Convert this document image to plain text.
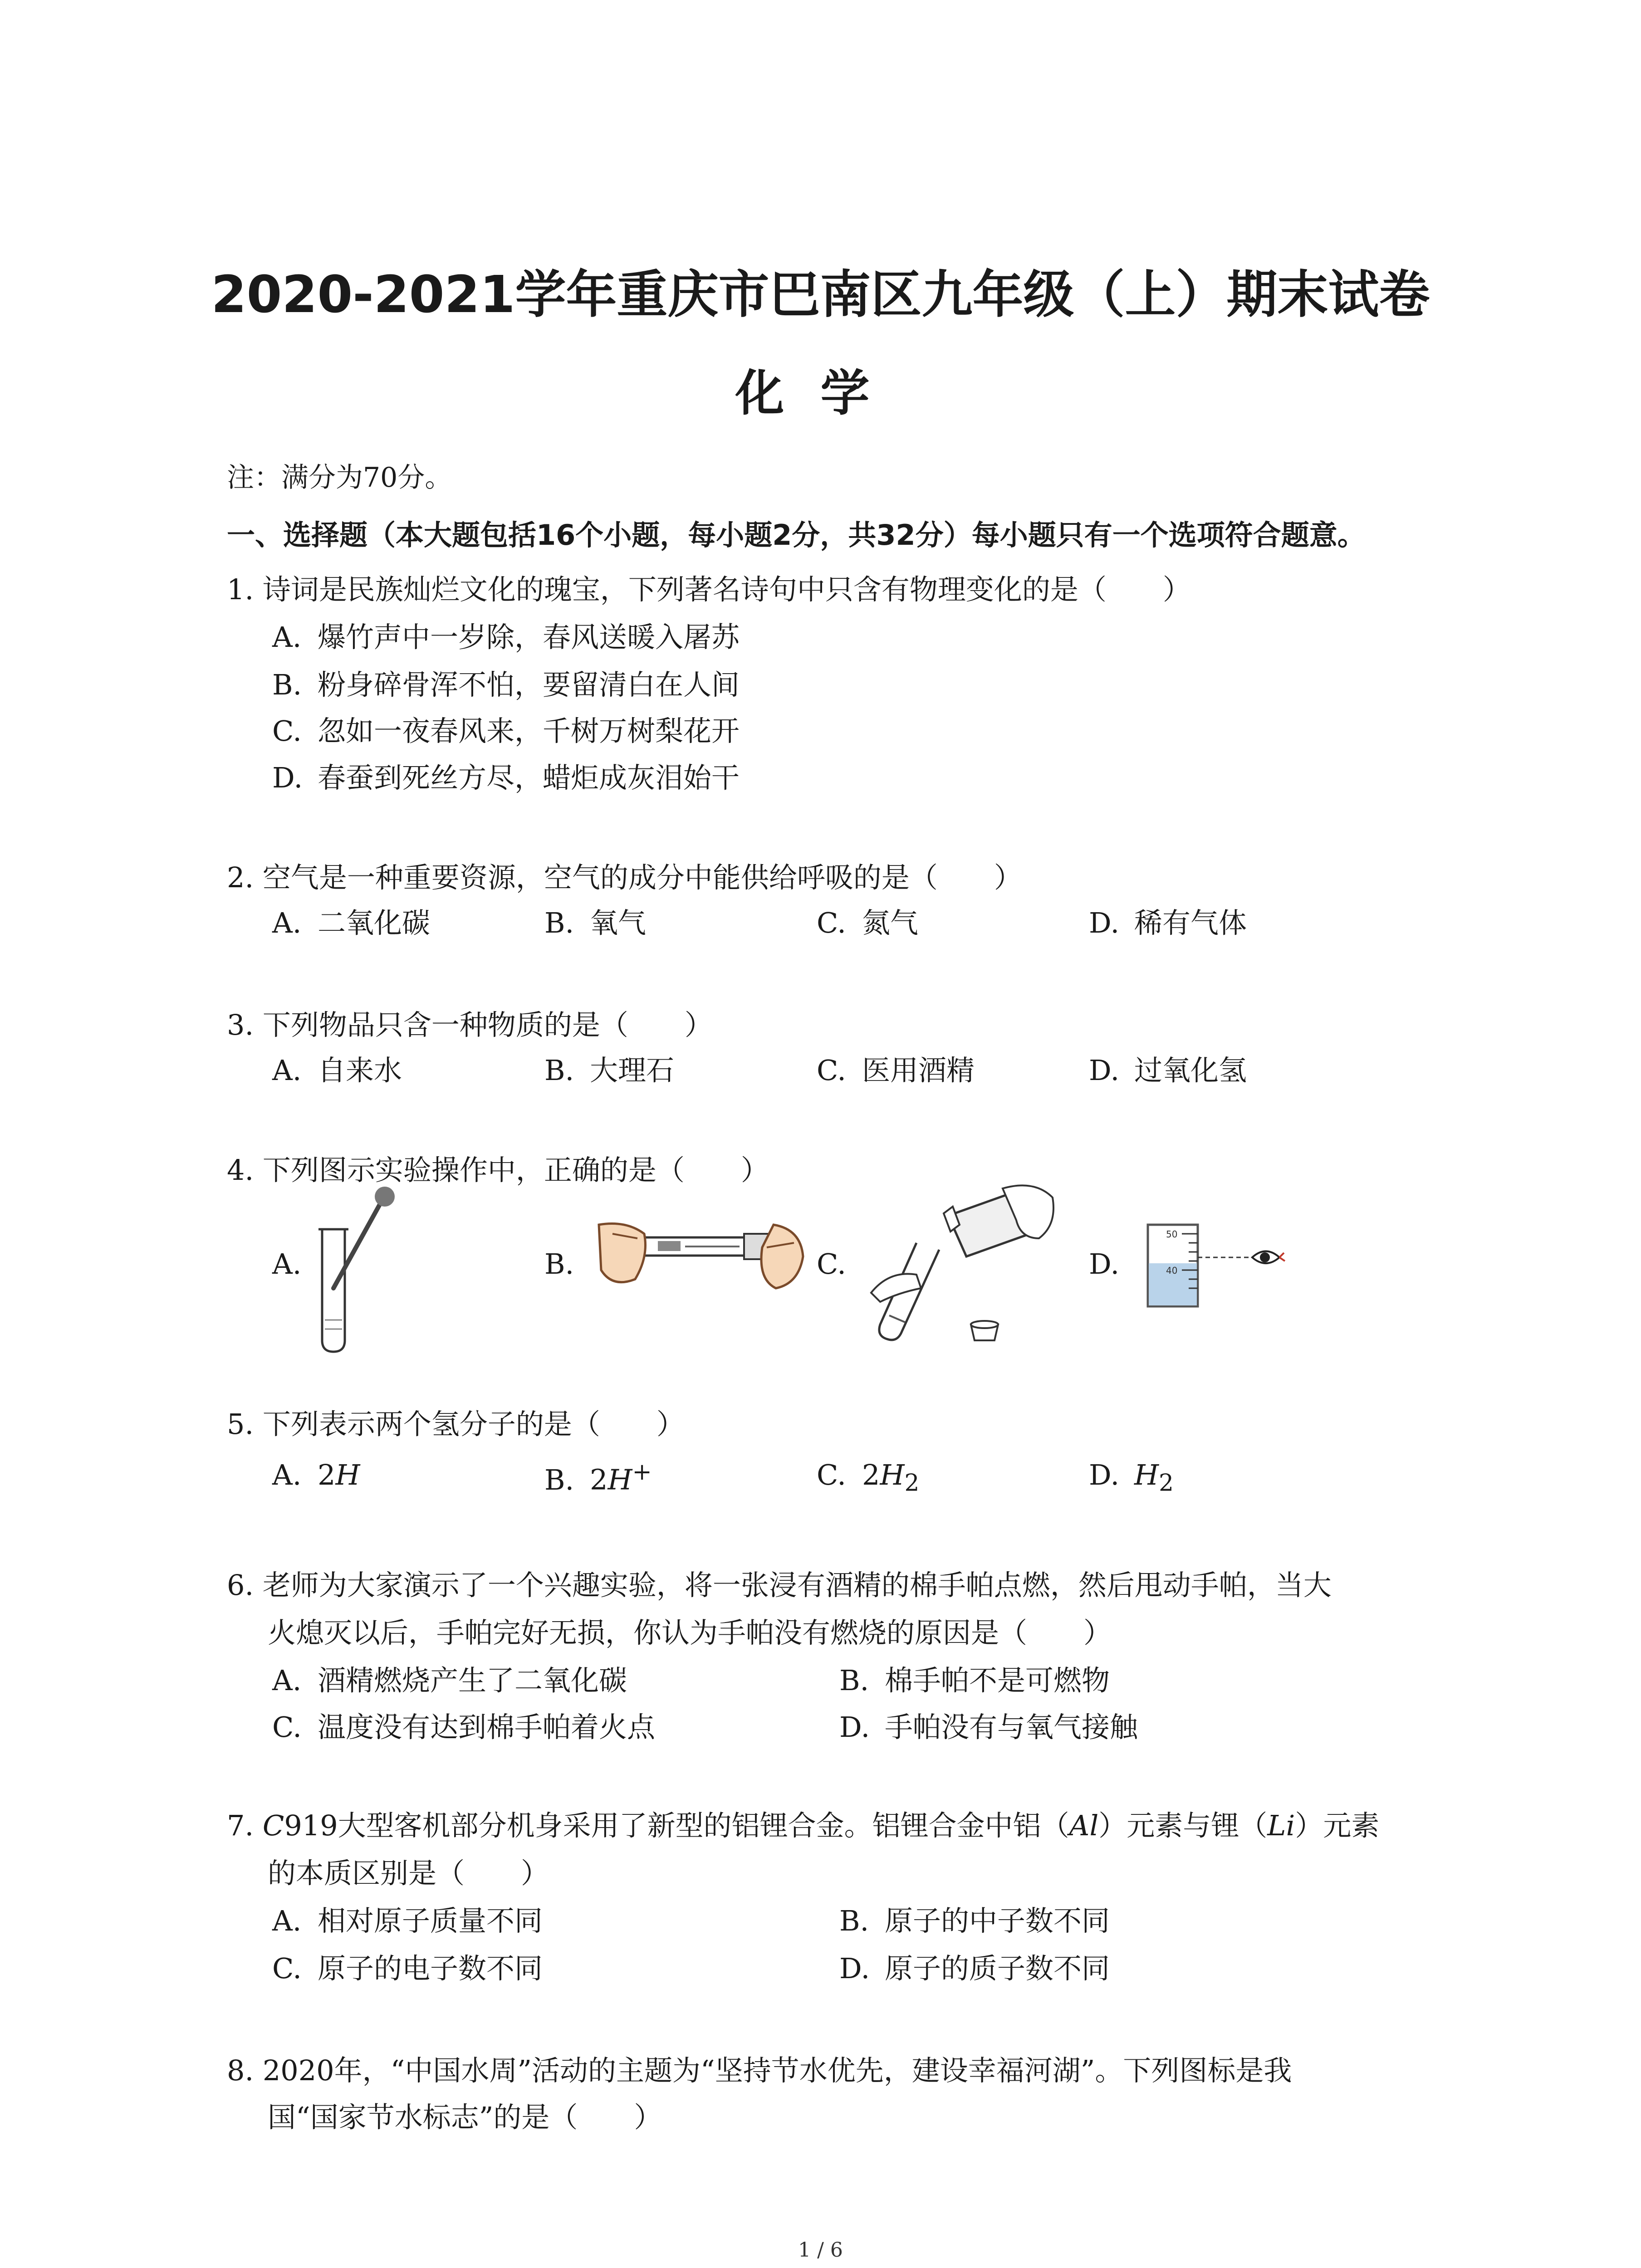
2020-2021学年重庆市巴南区九年级（上）期末试卷
化学
注：满分为70分。
一、选择题（本大题包括16个小题，每小题2分，共32分）每小题只有一个选项符合题意。
1. 诗词是民族灿烂文化的瑰宝，下列著名诗句中只含有物理变化的是（　　）
A. 爆竹声中一岁除，春风送暖入屠苏
B. 粉身碎骨浑不怕，要留清白在人间
C. 忽如一夜春风来，千树万树梨花开
D. 春蚕到死丝方尽，蜡炬成灰泪始干
2. 空气是一种重要资源，空气的成分中能供给呼吸的是（　　）
A. 二氧化碳	B. 氧气	C. 氮气	D. 稀有气体
3. 下列物品只含一种物质的是（　　）
A. 自来水	B. 大理石	C. 医用酒精	D. 过氧化氢
4. 下列图示实验操作中，正确的是（　　）
A.	B.	C.	D.
50
40
5. 下列表示两个氢分子的是（　　）
A. 2H	B. 2H+	C. $2H_2$	D. $H_2$
6. 老师为大家演示了一个兴趣实验，将一张浸有酒精的棉手帕点燃，然后甩动手帕，当大
火熄灭以后，手帕完好无损，你认为手帕没有燃烧的原因是（　　）
A. 酒精燃烧产生了二氧化碳	B. 棉手帕不是可燃物
C. 温度没有达到棉手帕着火点	D. 手帕没有与氧气接触
7. C919大型客机部分机身采用了新型的铝锂合金。铝锂合金中铝（Al）元素与锂（Li）元素
的本质区别是（　　）
A. 相对原子质量不同	B. 原子的中子数不同
C. 原子的电子数不同	D. 原子的质子数不同
8. 2020年，“中国水周”活动的主题为“坚持节水优先，建设幸福河湖”。下列图标是我
国“国家节水标志”的是（　　）
1 / 6
